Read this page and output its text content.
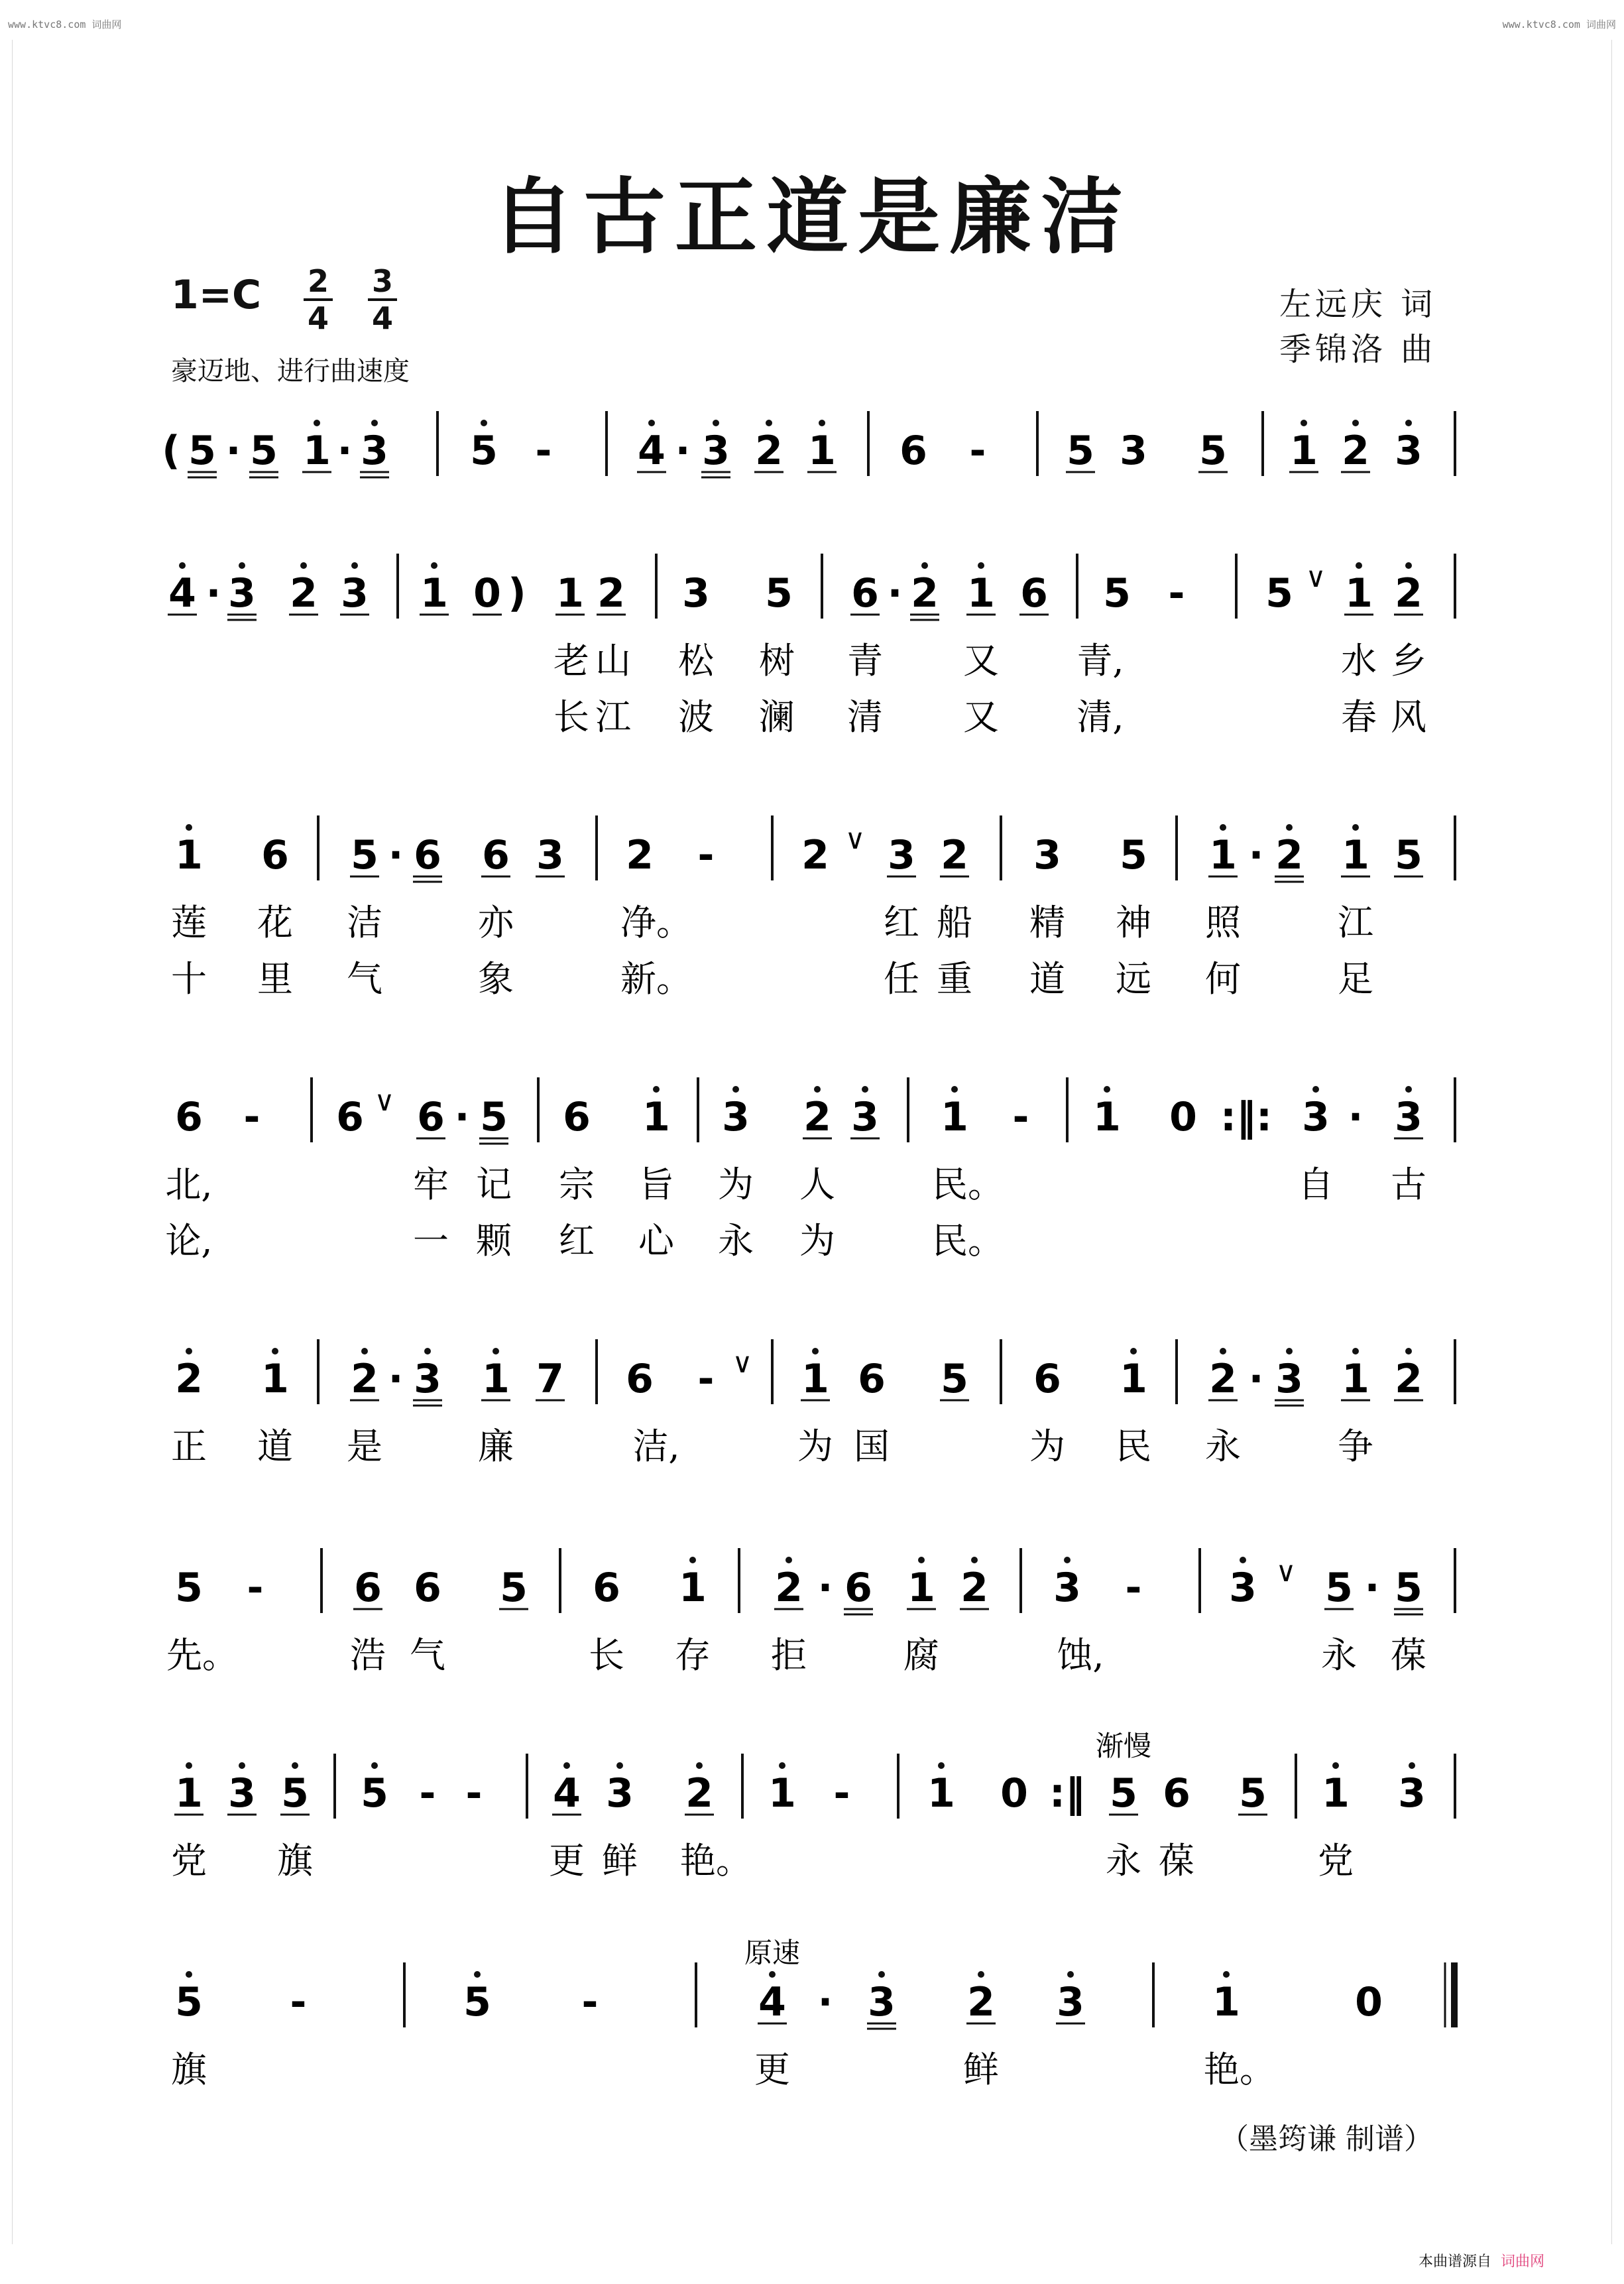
www.ktvc8.com 词曲网	www.ktvc8.com 词曲网
自古正道是廉洁
1=C 2
4
3
4
豪迈地、进行曲速度
左远庆 词
季锦洛 曲
( 5 · 5 1 · 3 5 - 4 · 3 2 1 6 - 5 3 5 1 2 3
4 · 3 2 3 1 0 ) 1 2 3 5 6 · 2 1 6 5 - 5 ∨ 1 2
老 山 松 树 青 又 青,	水 乡
长 江 波 澜 清 又 清,	春 风
1 6 5 · 6 6 3 2 - 2 ∨ 3 2 3 5 1 · 2 1 5
莲 花 洁	亦	净。	红 船 精 神 照	江
十 里 气	象	新。	任 重 道 远 何	足
6 - 6 ∨ 6 · 5 6 1 3 2 3 1 - 1 0 :‖: 3 · 3
北,	牢 记 宗 旨 为 人	民。	自 古
论,	一 颗 红 心 永 为	民。
2 1 2 · 3 1 7 6 - ∨ 1 6 5 6 1 2 · 3 1 2
正 道 是	廉	洁,	为 国	为 民 永	争
5 - 6 6 5 6 1 2 · 6 1 2 3 - 3 ∨ 5 · 5
先。	浩 气	长 存 拒	腐	蚀,	永 葆
1 3 5 5 - - 4 3 2 1 - 1 0 :‖ 5 6 5 1 3
党 旗	更 鲜 艳。	永 葆	党
5 -	5 -	4 · 3 2 3	1	0
旗	更	鲜	艳。
渐慢
原速
（墨筠谦 制谱）
本曲谱源自 词曲网
